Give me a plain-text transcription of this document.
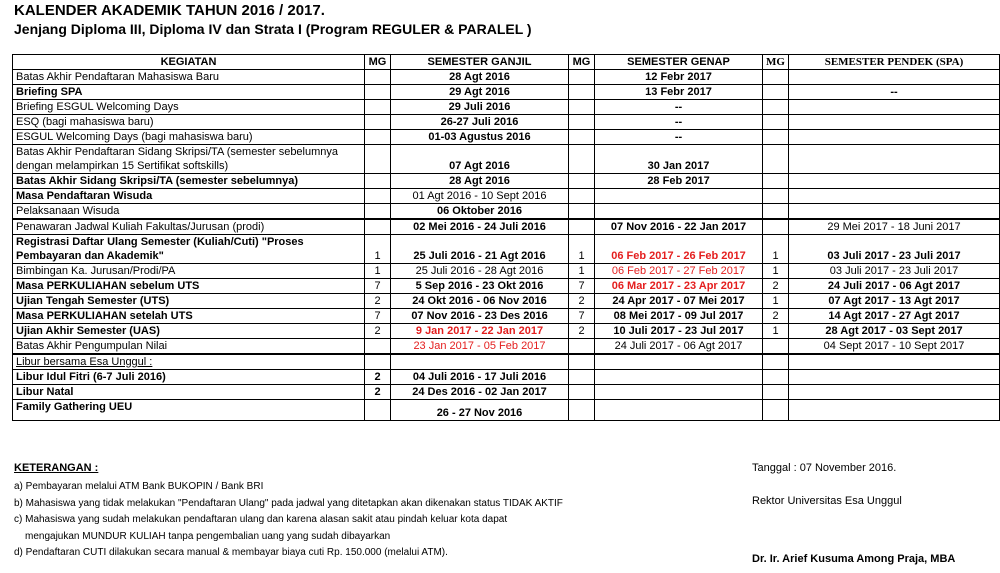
KALENDER AKADEMIK TAHUN 2016 / 2017.
Jenjang Diploma III, Diploma IV dan Strata I (Program REGULER & PARALEL )
KEGIATAN	MG	SEMESTER GANJIL	MG	SEMESTER GENAP	MG	SEMESTER PENDEK (SPA)
Batas Akhir Pendaftaran Mahasiswa Baru		28 Agt 2016		12 Febr 2017		
Briefing SPA		29 Agt 2016		13 Febr 2017		--
Briefing ESGUL Welcoming Days		29 Juli 2016		--		
ESQ (bagi mahasiswa baru)		26-27 Juli 2016		--		
ESGUL Welcoming Days (bagi mahasiswa baru)		01-03 Agustus 2016		--		
Batas Akhir Pendaftaran Sidang Skripsi/TA (semester sebelumnya dengan melampirkan 15 Sertifikat softskills)		07 Agt 2016		30 Jan 2017		
Batas Akhir Sidang Skripsi/TA (semester sebelumnya)		28 Agt 2016		28 Feb 2017		
Masa Pendaftaran Wisuda		01 Agt 2016 - 10 Sept 2016				
Pelaksanaan Wisuda		06 Oktober 2016				
Penawaran Jadwal Kuliah Fakultas/Jurusan (prodi)		02 Mei 2016 - 24 Juli 2016		07 Nov 2016 - 22 Jan 2017		29 Mei 2017 - 18 Juni 2017
Registrasi Daftar Ulang Semester (Kuliah/Cuti) "Proses Pembayaran dan Akademik"	1	25 Juli 2016 - 21 Agt 2016	1	06 Feb 2017 - 26 Feb 2017	1	03 Juli 2017 - 23 Juli 2017
Bimbingan Ka. Jurusan/Prodi/PA	1	25 Juli 2016 - 28 Agt 2016	1	06 Feb 2017 - 27 Feb 2017	1	03 Juli 2017 - 23 Juli 2017
Masa PERKULIAHAN sebelum UTS	7	5 Sep 2016 - 23 Okt 2016	7	06 Mar 2017 - 23 Apr 2017	2	24 Juli 2017 - 06 Agt 2017
Ujian Tengah Semester (UTS)	2	24 Okt 2016 - 06 Nov 2016	2	24 Apr 2017 - 07 Mei 2017	1	07 Agt 2017 - 13 Agt 2017
Masa PERKULIAHAN setelah UTS	7	07 Nov 2016 - 23 Des 2016	7	08 Mei 2017 - 09 Jul 2017	2	14 Agt 2017 - 27 Agt 2017
Ujian Akhir Semester (UAS)	2	9 Jan 2017 - 22 Jan 2017	2	10 Juli 2017 - 23 Jul 2017	1	28 Agt 2017 - 03 Sept 2017
Batas Akhir Pengumpulan Nilai		23 Jan 2017 - 05 Feb 2017		24 Juli 2017 - 06 Agt 2017		04 Sept 2017 - 10 Sept 2017
Libur bersama Esa Unggul :						
Libur Idul Fitri (6-7 Juli 2016)	2	04 Juli 2016 - 17 Juli 2016				
Libur Natal	2	24 Des 2016 - 02 Jan 2017				
Family Gathering UEU		26 - 27 Nov 2016				
KETERANGAN :
a) Pembayaran melalui ATM Bank BUKOPIN / Bank BRI
b) Mahasiswa yang tidak melakukan "Pendaftaran Ulang" pada jadwal yang ditetapkan akan dikenakan status TIDAK AKTIF
c) Mahasiswa yang sudah melakukan pendaftaran ulang dan karena alasan sakit atau pindah keluar kota dapat
mengajukan MUNDUR KULIAH tanpa pengembalian uang yang sudah dibayarkan
d) Pendaftaran CUTI dilakukan secara manual & membayar biaya cuti Rp. 150.000 (melalui ATM).
Tanggal : 07 November 2016.
Rektor Universitas Esa Unggul
Dr. Ir. Arief Kusuma Among Praja, MBA
